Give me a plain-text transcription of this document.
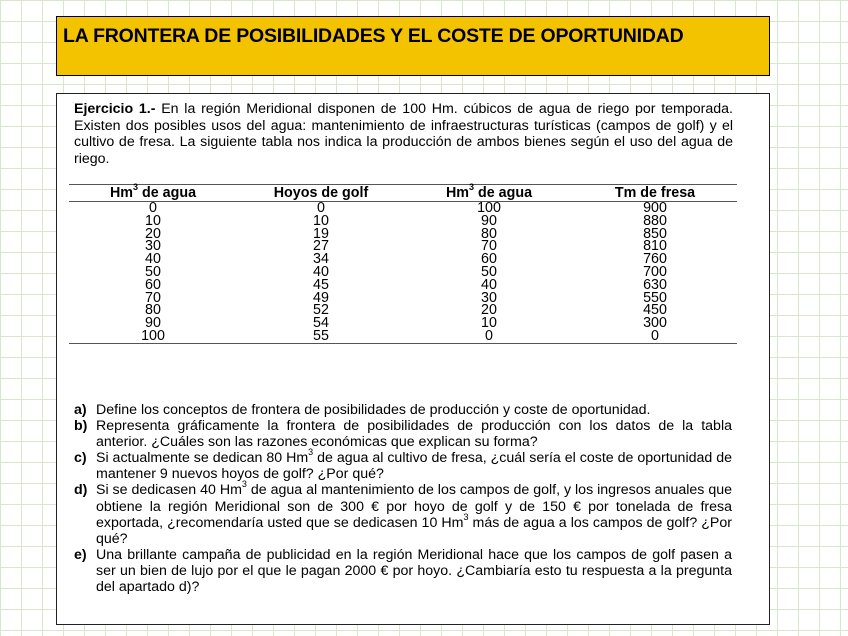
LA FRONTERA DE POSIBILIDADES Y EL COSTE DE OPORTUNIDAD
Ejercicio 1.- En la región Meridional disponen de 100 Hm. cúbicos de agua de riego por temporada. Existen dos posibles usos del agua: mantenimiento de infraestructuras turísticas (campos de golf) y el cultivo de fresa. La siguiente tabla nos indica la producción de ambos bienes según el uso del agua de riego.
Hm$^3$ de agua	Hoyos de golf	Hm$^3$ de agua	Tm de fresa
0	0	100	900
10	10	90	880
20	19	80	850
30	27	70	810
40	34	60	760
50	40	50	700
60	45	40	630
70	49	30	550
80	52	20	450
90	54	10	300
100	55	0	0
a) Define los conceptos de frontera de posibilidades de producción y coste de oportunidad.
b) Representa gráficamente la frontera de posibilidades de producción con los datos de la tabla anterior. ¿Cuáles son las razones económicas que explican su forma?
c) Si actualmente se dedican 80 Hm$^3$ de agua al cultivo de fresa, ¿cuál sería el coste de oportunidad de mantener 9 nuevos hoyos de golf? ¿Por qué?
d) Si se dedicasen 40 Hm$^3$ de agua al mantenimiento de los campos de golf, y los ingresos anuales que obtiene la región Meridional son de 300 € por hoyo de golf y de 150 € por tonelada de fresa exportada, ¿recomendaría usted que se dedicasen 10 Hm$^3$ más de agua a los campos de golf? ¿Por qué?
e) Una brillante campaña de publicidad en la región Meridional hace que los campos de golf pasen a ser un bien de lujo por el que le pagan 2000 € por hoyo. ¿Cambiaría esto tu respuesta a la pregunta del apartado d)?
